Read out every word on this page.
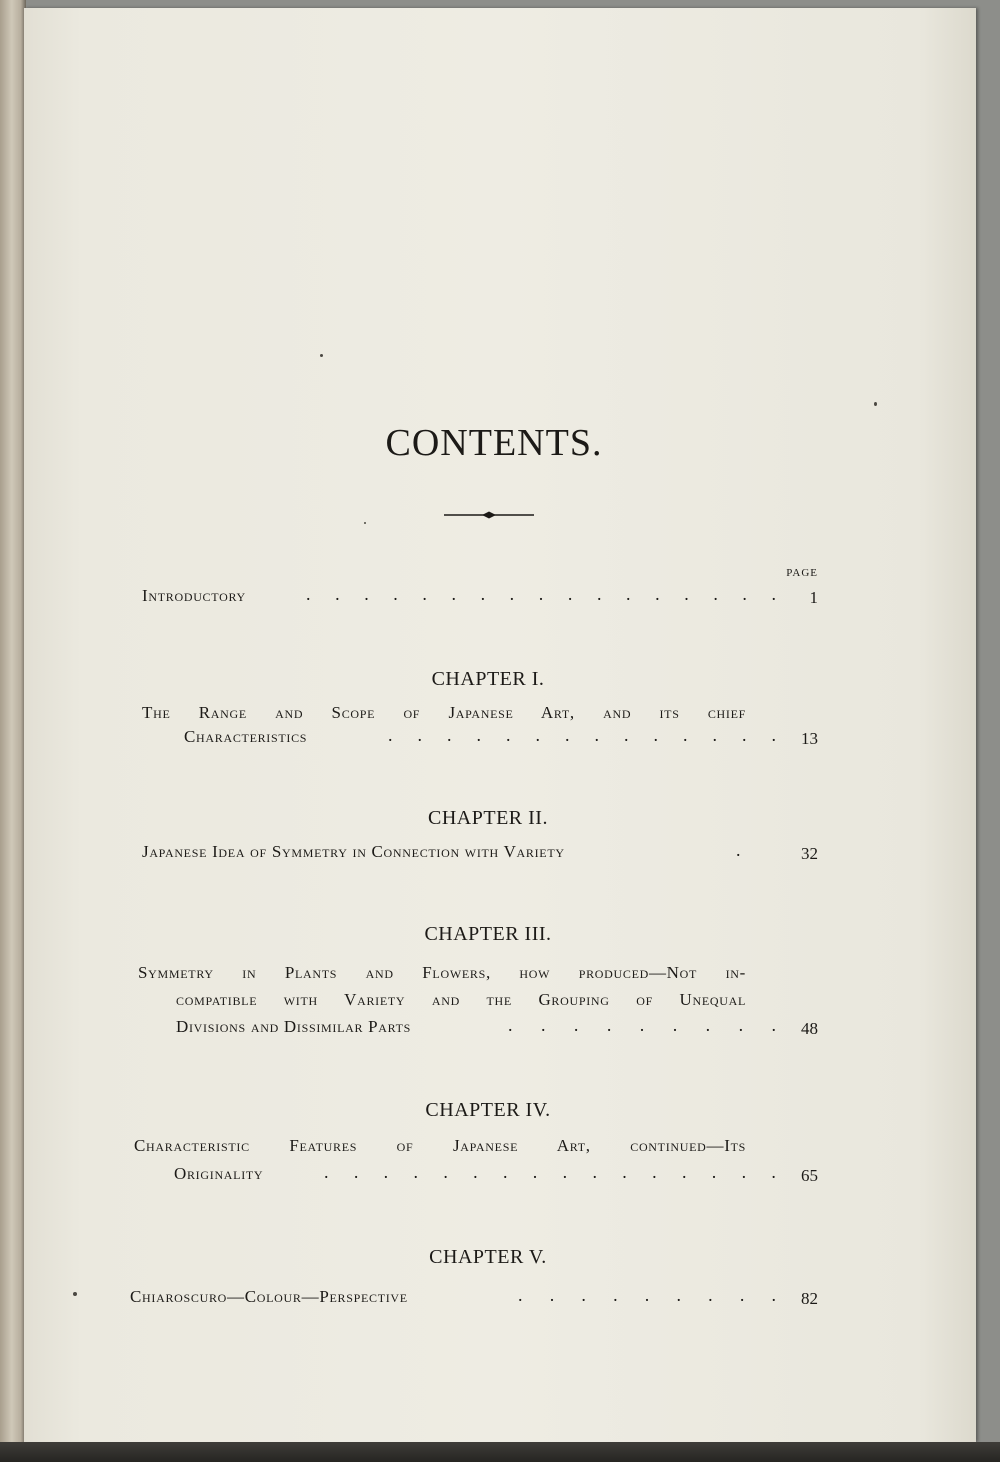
CONTENTS.
PAGE
Introductory	. . . . . . . . . . . . . . . . .	1
CHAPTER I.
The Range and Scope of Japanese Art, and its chief
Characteristics	. . . . . . . . . . . . . .	13
CHAPTER II.
Japanese Idea of Symmetry in Connection with Variety	.	32
CHAPTER III.
Symmetry in Plants and Flowers, how produced—Not in-
compatible with Variety and the Grouping of Unequal
Divisions and Dissimilar Parts	. . . . . . . . .	48
CHAPTER IV.
Characteristic Features of Japanese Art, continued—Its
Originality	. . . . . . . . . . . . . . . .	65
CHAPTER V.
Chiaroscuro—Colour—Perspective	. . . . . . . . .	82
